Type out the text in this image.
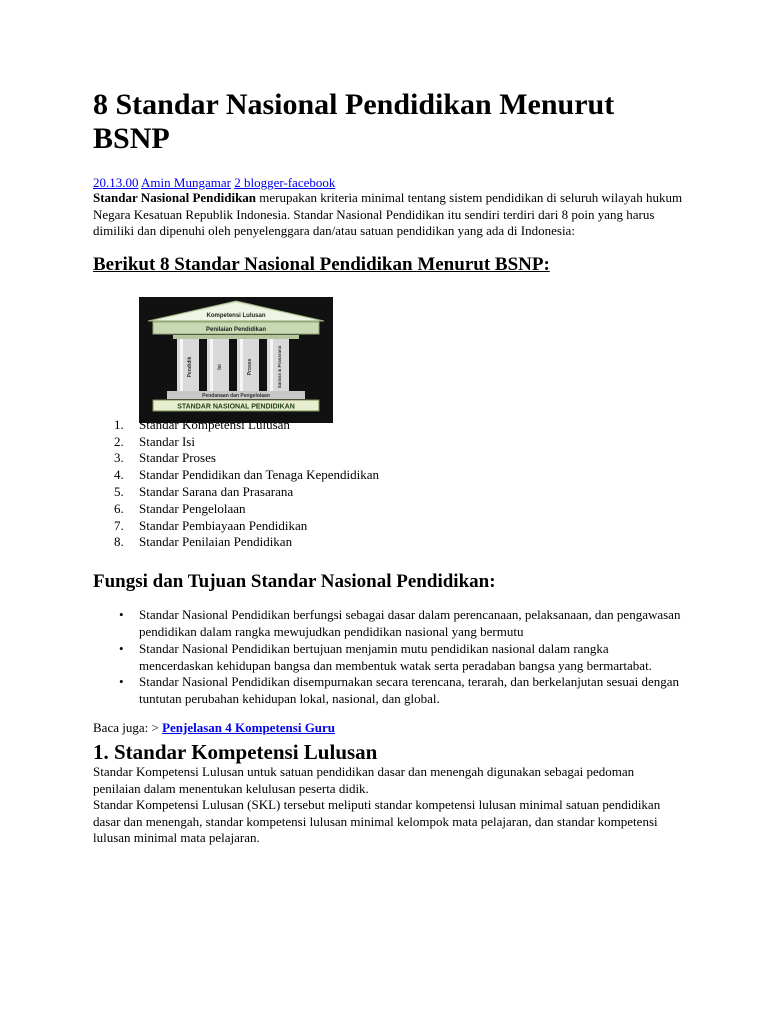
8 Standar Nasional Pendidikan Menurut BSNP
20.13.00 Amin Mungamar 2 blogger-facebook

Standar Nasional Pendidikan merupakan kriteria minimal tentang sistem pendidikan di seluruh wilayah hukum Negara Kesatuan Republik Indonesia. Standar Nasional Pendidikan itu sendiri terdiri dari 8 poin yang harus dimiliki dan dipenuhi oleh penyelenggara dan/atau satuan pendidikan yang ada di Indonesia:

Berikut 8 Standar Nasional Pendidikan Menurut BSNP:
Kompetensi Lulusan
Penilaian Pendidikan
Pendidik	Isi	Proses	Sarana & Prasarana
Pendanaan dan Pengelolaan
STANDAR NASIONAL PENDIDIKAN
1.	Standar Kompetensi Lulusan
2.	Standar Isi
3.	Standar Proses
4.	Standar Pendidikan dan Tenaga Kependidikan
5.	Standar Sarana dan Prasarana
6.	Standar Pengelolaan
7.	Standar Pembiayaan Pendidikan
8.	Standar Penilaian Pendidikan
Fungsi dan Tujuan Standar Nasional Pendidikan:
• Standar Nasional Pendidikan berfungsi sebagai dasar dalam perencanaan, pelaksanaan, dan pengawasan pendidikan dalam rangka mewujudkan pendidikan nasional yang bermutu
• Standar Nasional Pendidikan bertujuan menjamin mutu pendidikan nasional dalam rangka mencerdaskan kehidupan bangsa dan membentuk watak serta peradaban bangsa yang bermartabat.
• Standar Nasional Pendidikan disempurnakan secara terencana, terarah, dan berkelanjutan sesuai dengan tuntutan perubahan kehidupan lokal, nasional, dan global.
Baca juga: > Penjelasan 4 Kompetensi Guru
1. Standar Kompetensi Lulusan

Standar Kompetensi Lulusan untuk satuan pendidikan dasar dan menengah digunakan sebagai pedoman penilaian dalam menentukan kelulusan peserta didik.

Standar Kompetensi Lulusan (SKL) tersebut meliputi standar kompetensi lulusan minimal satuan pendidikan dasar dan menengah, standar kompetensi lulusan minimal kelompok mata pelajaran, dan standar kompetensi lulusan minimal mata pelajaran.
